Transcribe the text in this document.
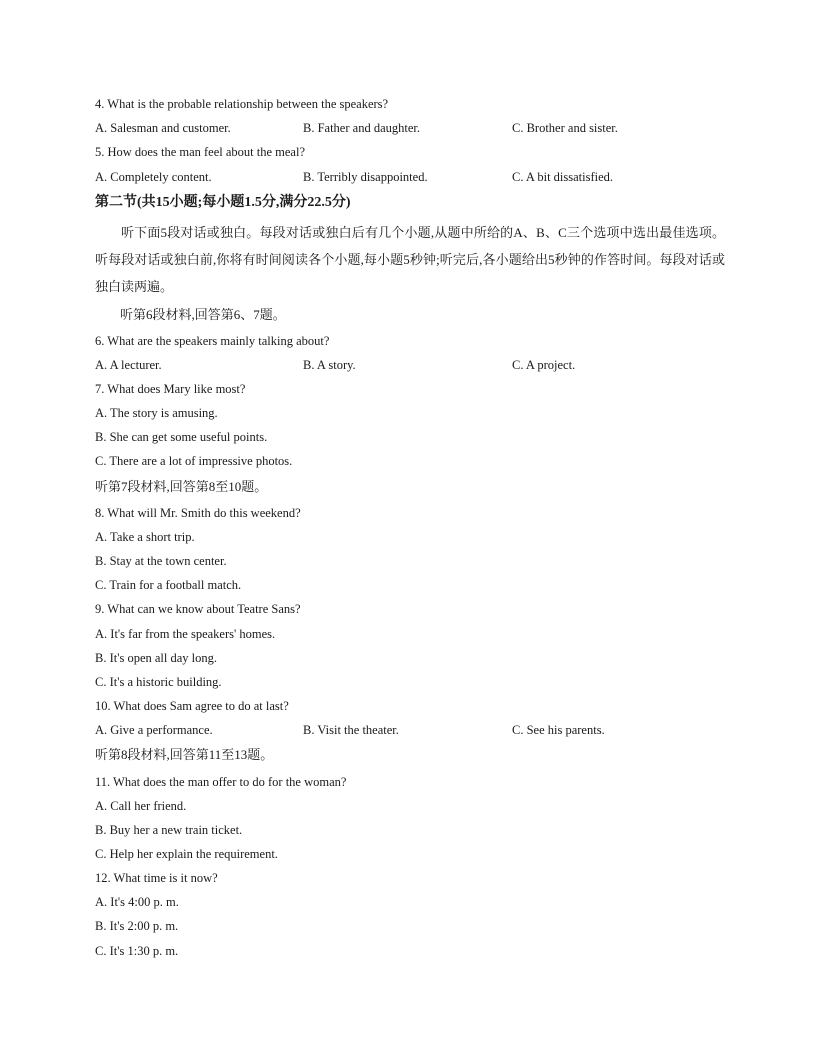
4. What is the probable relationship between the speakers?
A. Salesman and customer.	B. Father and daughter.	C. Brother and sister.
5. How does the man feel about the meal?
A. Completely content.	B. Terribly disappointed.	C. A bit dissatisfied.
第二节(共15小题;每小题1.5分,满分22.5分)
听下面5段对话或独白。每段对话或独白后有几个小题,从题中所给的A、B、C三个选项中选出最佳选项。听每段对话或独白前,你将有时间阅读各个小题,每小题5秒钟;听完后,各小题给出5秒钟的作答时间。每段对话或独白读两遍。
听第6段材料,回答第6、7题。
6. What are the speakers mainly talking about?
A. A lecturer.	B. A story.	C. A project.
7. What does Mary like most?
A. The story is amusing.
B. She can get some useful points.
C. There are a lot of impressive photos.
听第7段材料,回答第8至10题。
8. What will Mr. Smith do this weekend?
A. Take a short trip.
B. Stay at the town center.
C. Train for a football match.
9. What can we know about Teatre Sans?
A. It's far from the speakers' homes.
B. It's open all day long.
C. It's a historic building.
10. What does Sam agree to do at last?
A. Give a performance.	B. Visit the theater.	C. See his parents.
听第8段材料,回答第11至13题。
11. What does the man offer to do for the woman?
A. Call her friend.
B. Buy her a new train ticket.
C. Help her explain the requirement.
12. What time is it now?
A. It's 4:00 p. m.
B. It's 2:00 p. m.
C. It's 1:30 p. m.
